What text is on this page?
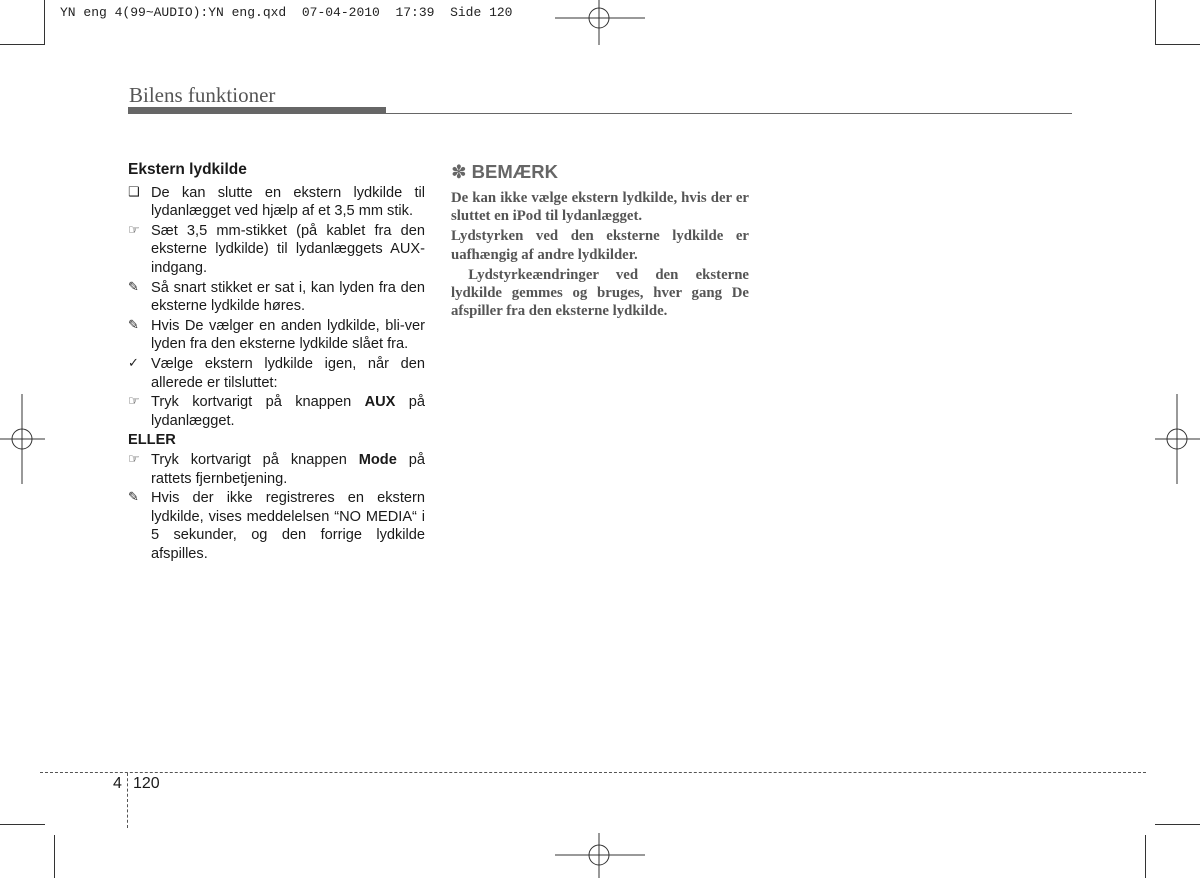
YN eng 4(99~AUDIO):YN eng.qxd  07-04-2010  17:39  Side 120
Bilens funktioner
Ekstern lydkilde
❑ De kan slutte en ekstern lydkilde til lydanlægget ved hjælp af et 3,5 mm stik.
☞ Sæt 3,5 mm-stikket (på kablet fra den eksterne lydkilde) til lydanlæggets AUX-indgang.
✎ Så snart stikket er sat i, kan lyden fra den eksterne lydkilde høres.
✎ Hvis De vælger en anden lydkilde, bli-ver lyden fra den eksterne lydkilde slået fra.
✓ Vælge ekstern lydkilde igen, når den allerede er tilsluttet:
☞ Tryk kortvarigt på knappen AUX på lydanlægget.
ELLER
☞ Tryk kortvarigt på knappen Mode på rattets fjernbetjening.
✎ Hvis der ikke registreres en ekstern lydkilde, vises meddelelsen “NO MEDIA“ i 5 sekunder, og den forrige lydkilde afspilles.
✽ BEMÆRK

De kan ikke vælge ekstern lydkilde, hvis der er sluttet en iPod til lydanlægget.

Lydstyrken ved den eksterne lydkilde er uafhængig af andre lydkilder.

Lydstyrkeændringer ved den eksterne lydkilde gemmes og bruges, hver gang De afspiller fra den eksterne lydkilde.

4 120
